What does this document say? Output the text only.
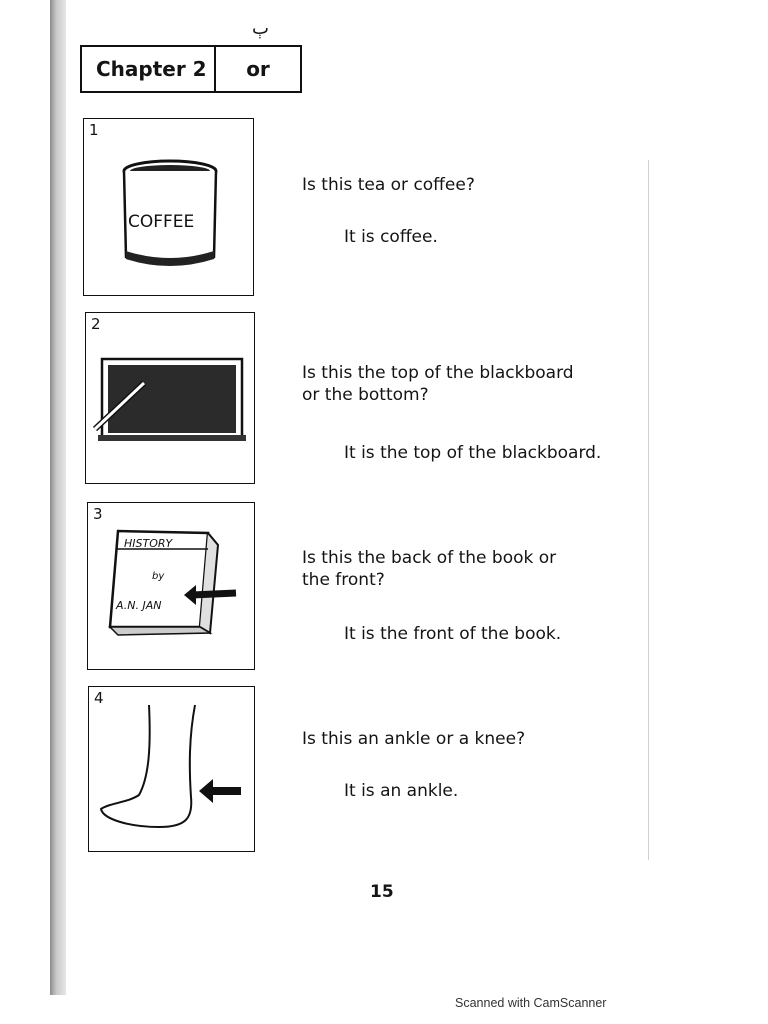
ٻ
Chapter 2	or
1
COFFEE
Is this tea or coffee?
It is coffee.
2
Is this the top of the blackboard
or the bottom?
It is the top of the blackboard.
3
HISTORY
by
A.N. JAN
Is this the back of the book or
the front?
It is the front of the book.
4
Is this an ankle or a knee?
It is an ankle.
15
Scanned with CamScanner
